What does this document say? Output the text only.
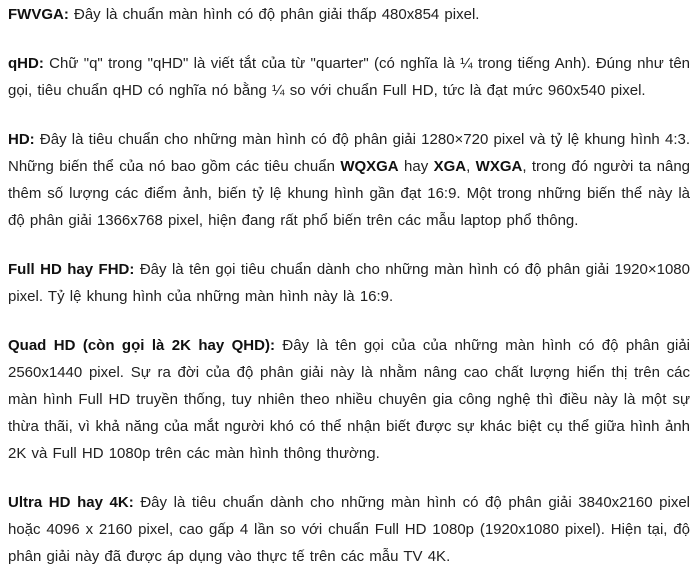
FWVGA: Đây là chuẩn màn hình có độ phân giải thấp 480x854 pixel.

qHD: Chữ "q" trong "qHD" là viết tắt của từ "quarter" (có nghĩa là ¼ trong tiếng Anh). Đúng như tên gọi, tiêu chuẩn qHD có nghĩa nó bằng ¼ so với chuẩn Full HD, tức là đạt mức 960x540 pixel.

HD: Đây là tiêu chuẩn cho những màn hình có độ phân giải 1280×720 pixel và tỷ lệ khung hình 4:3. Những biến thể của nó bao gồm các tiêu chuẩn WQXGA hay XGA, WXGA, trong đó người ta nâng thêm số lượng các điểm ảnh, biến tỷ lệ khung hình gần đạt 16:9. Một trong những biến thể này là độ phân giải 1366x768 pixel, hiện đang rất phổ biến trên các mẫu laptop phổ thông.

Full HD hay FHD: Đây là tên gọi tiêu chuẩn dành cho những màn hình có độ phân giải 1920×1080 pixel. Tỷ lệ khung hình của những màn hình này là 16:9.

Quad HD (còn gọi là 2K hay QHD): Đây là tên gọi của của những màn hình có độ phân giải 2560x1440 pixel. Sự ra đời của độ phân giải này là nhằm nâng cao chất lượng hiển thị trên các màn hình Full HD truyền thống, tuy nhiên theo nhiều chuyên gia công nghệ thì điều này là một sự thừa thãi, vì khả năng của mắt người khó có thể nhận biết được sự khác biệt cụ thể giữa hình ảnh 2K và Full HD 1080p trên các màn hình thông thường.

Ultra HD hay 4K: Đây là tiêu chuẩn dành cho những màn hình có độ phân giải 3840x2160 pixel hoặc 4096 x 2160 pixel, cao gấp 4 lần so với chuẩn Full HD 1080p (1920x1080 pixel). Hiện tại, độ phân giải này đã được áp dụng vào thực tế trên các mẫu TV 4K.
